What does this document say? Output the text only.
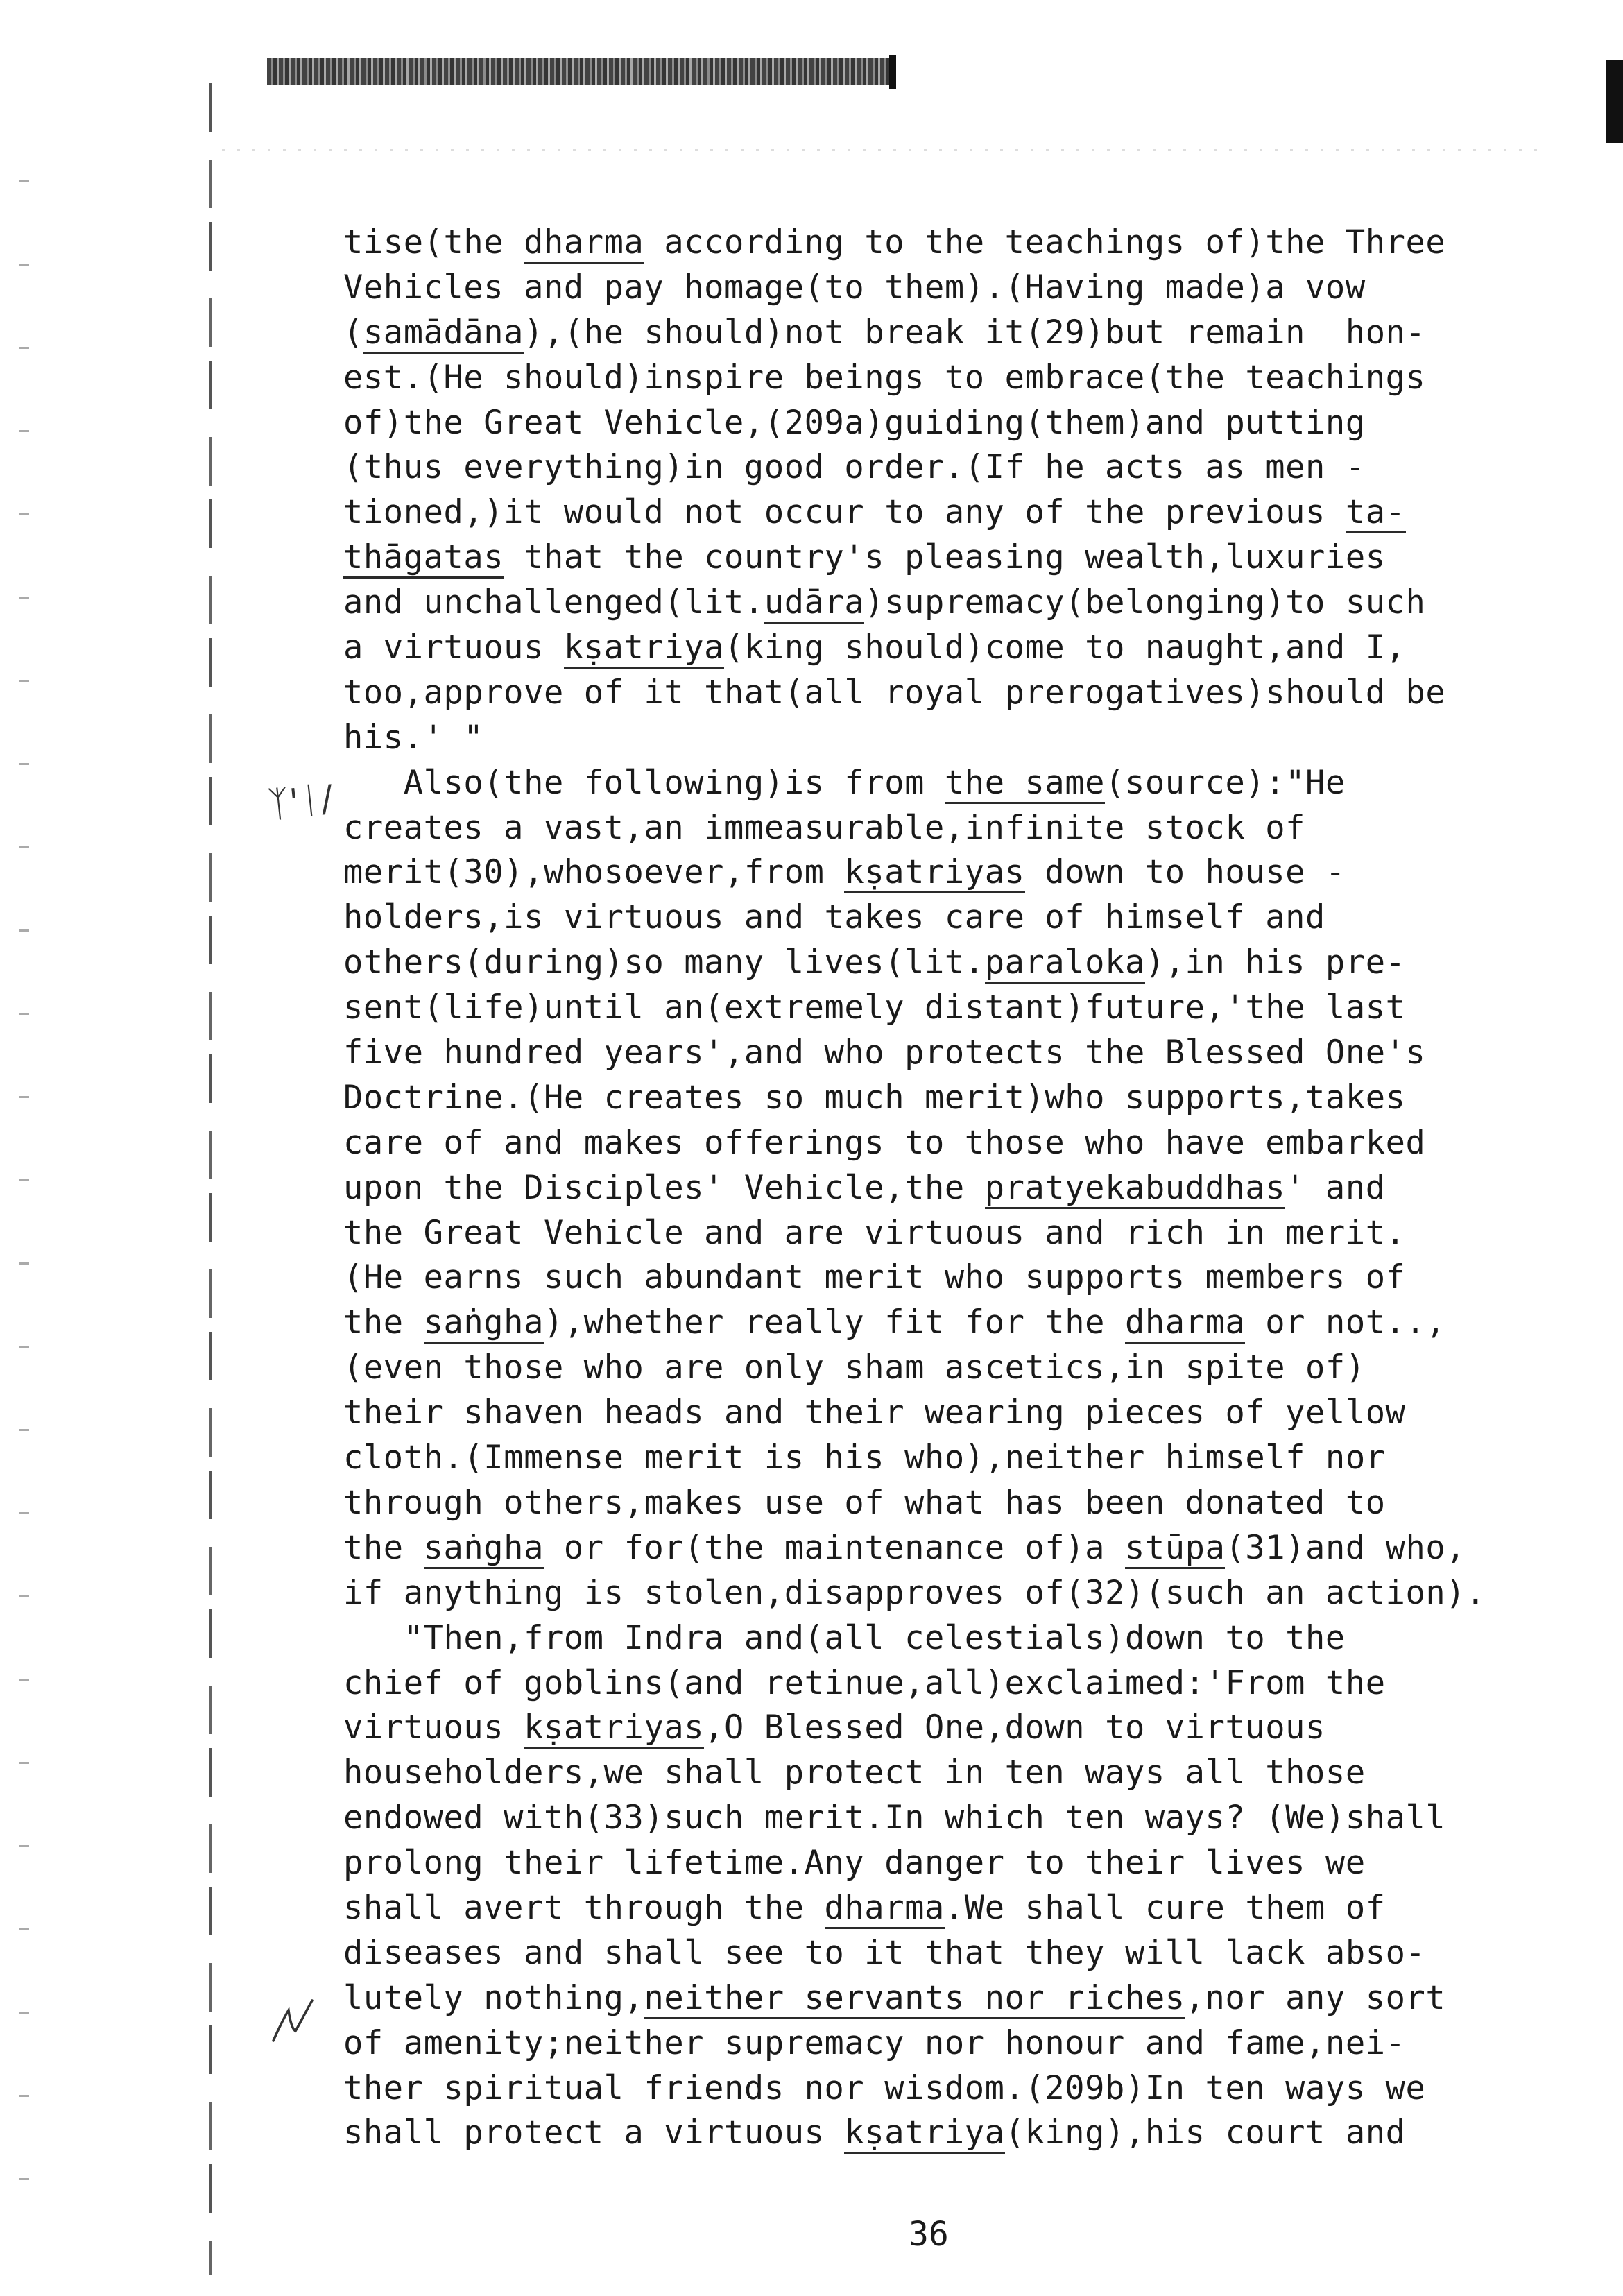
ᛉ'ᛁ/
tise(the dharma according to the teachings of)the Three
Vehicles and pay homage(to them).(Having made)a vow
(samādāna),(he should)not break it(29)but remain  hon-
est.(He should)inspire beings to embrace(the teachings
of)the Great Vehicle,(209a)guiding(them)and putting
(thus everything)in good order.(If he acts as men -
tioned,)it would not occur to any of the previous ta-
thāgatas that the country's pleasing wealth,luxuries
and unchallenged(lit.udāra)supremacy(belonging)to such
a virtuous kṣatriya(king should)come to naught,and I,
too,approve of it that(all royal prerogatives)should be
his.' "
Also(the following)is from the same(source):"He
creates a vast,an immeasurable,infinite stock of
merit(30),whosoever,from kṣatriyas down to house -
holders,is virtuous and takes care of himself and
others(during)so many lives(lit.paraloka),in his pre-
sent(life)until an(extremely distant)future,'the last
five hundred years',and who protects the Blessed One's
Doctrine.(He creates so much merit)who supports,takes
care of and makes offerings to those who have embarked
upon the Disciples' Vehicle,the pratyekabuddhas' and
the Great Vehicle and are virtuous and rich in merit.
(He earns such abundant merit who supports members of
the saṅgha),whether really fit for the dharma or not..,
(even those who are only sham ascetics,in spite of)
their shaven heads and their wearing pieces of yellow
cloth.(Immense merit is his who),neither himself nor
through others,makes use of what has been donated to
the saṅgha or for(the maintenance of)a stūpa(31)and who,
if anything is stolen,disapproves of(32)(such an action).
"Then,from Indra and(all celestials)down to the
chief of goblins(and retinue,all)exclaimed:'From the
virtuous kṣatriyas,O Blessed One,down to virtuous
householders,we shall protect in ten ways all those
endowed with(33)such merit.In which ten ways? (We)shall
prolong their lifetime.Any danger to their lives we
shall avert through the dharma.We shall cure them of
diseases and shall see to it that they will lack abso-
lutely nothing,neither servants nor riches,nor any sort
of amenity;neither supremacy nor honour and fame,nei-
ther spiritual friends nor wisdom.(209b)In ten ways we
shall protect a virtuous kṣatriya(king),his court and
36
